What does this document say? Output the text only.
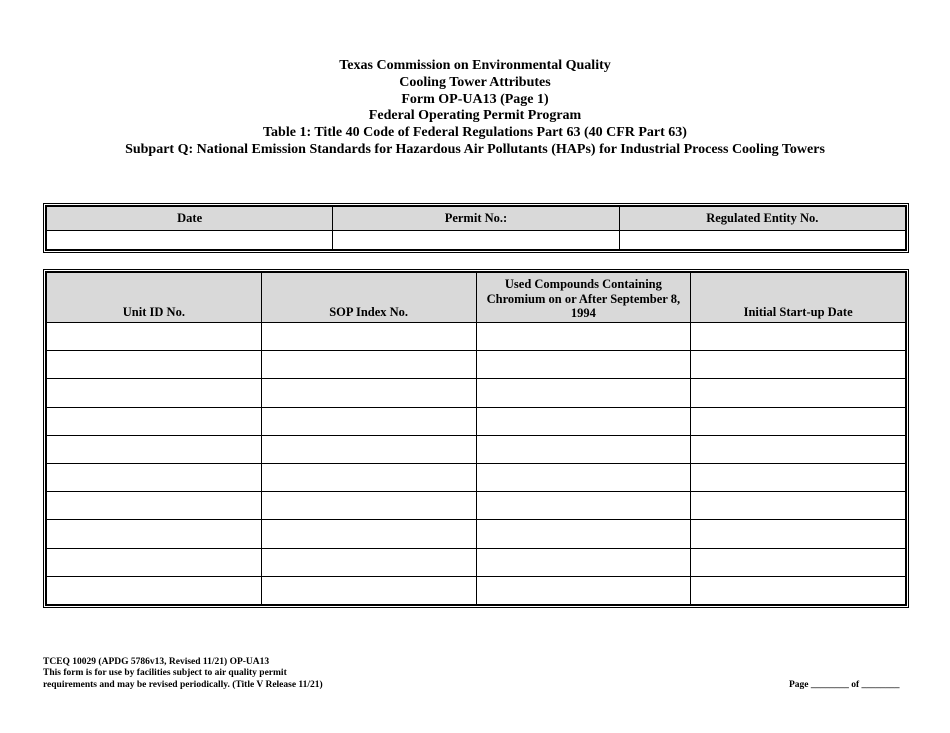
Texas Commission on Environmental Quality
Cooling Tower Attributes
Form OP-UA13 (Page 1)
Federal Operating Permit Program
Table 1: Title 40 Code of Federal Regulations Part 63 (40 CFR Part 63)
Subpart Q: National Emission Standards for Hazardous Air Pollutants (HAPs) for Industrial Process Cooling Towers
Date	Permit No.:	Regulated Entity No.

Unit ID No.	SOP Index No.	Used Compounds Containing Chromium on or After September 8, 1994	Initial Start-up Date

TCEQ 10029 (APDG 5786v13, Revised 11/21) OP-UA13
This form is for use by facilities subject to air quality permit
requirements and may be revised periodically. (Title V Release 11/21)	Page ________ of ________
